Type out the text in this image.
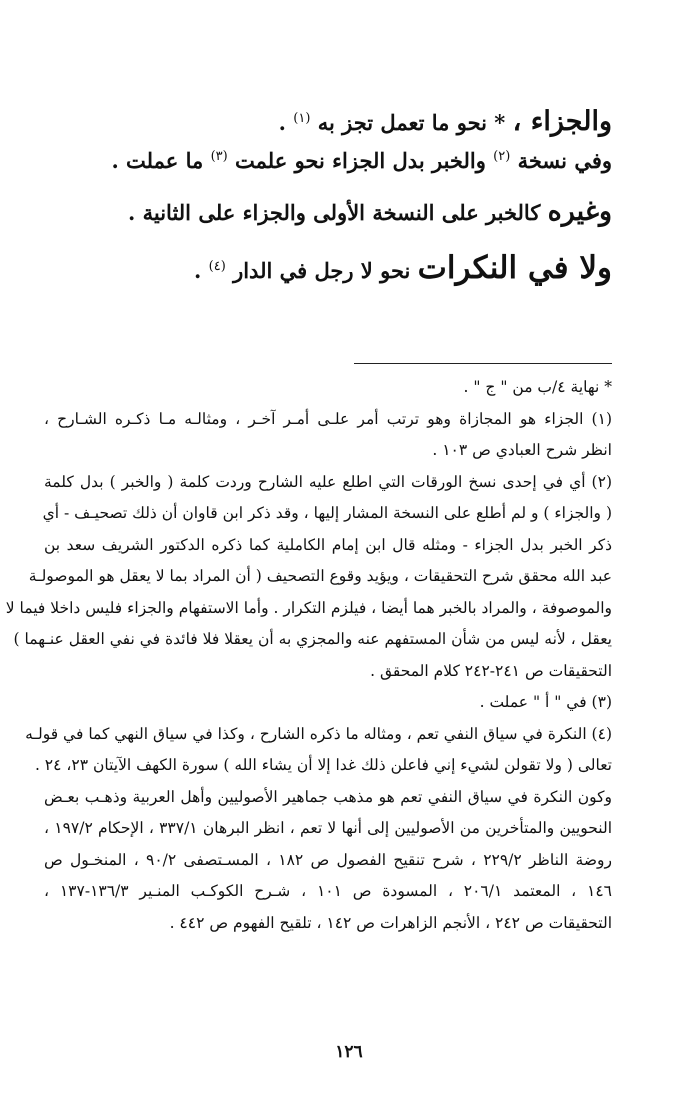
والجزاء ، * نحو ما تعمل تجز به $^{(١)}$ .
وفي نسخة $^{(٢)}$ والخبر بدل الجزاء نحو علمت $^{(٣)}$ ما عملت .
وغيره كالخبر على النسخة الأولى والجزاء على الثانية .
ولا في النكرات نحو لا رجل في الدار $^{(٤)}$ .
* نهاية ٤/ب من " ج " .
(١) الجزاء هو المجازاة وهو ترتب أمر علـى أمـر آخـر ، ومثالـه مـا ذكـره الشـارح ،
انظر شرح العبادي ص ١٠٣ .
(٢) أي في إحدى نسخ الورقات التي اطلع عليه الشارح وردت كلمة ( والخبر ) بدل كلمة
( والجزاء ) و لم أطلع على النسخة المشار إليها ، وقد ذكر ابن قاوان أن ذلك تصحيـف - أي
ذكر الخبر بدل الجزاء - ومثله قال ابن إمام الكاملية كما ذكره الدكتور الشريف سعد بن
عبد الله محقق شرح التحقيقات ، ويؤيد وقوع التصحيف ( أن المراد بما لا يعقل هو الموصولـة
والموصوفة ، والمراد بالخبر هما أيضا ، فيلزم التكرار . وأما الاستفهام والجزاء فليس داخلا فيما لا
يعقل ، لأنه ليس من شأن المستفهم عنه والمجزي به أن يعقلا فلا فائدة في نفي العقل عنـهما )
التحقيقات ص ٢٤١-٢٤٢ كلام المحقق .
(٣) في " أ " عملت .
(٤) النكرة في سياق النفي تعم ، ومثاله ما ذكره الشارح ، وكذا في سياق النهي كما في قولـه
تعالى ( ولا تقولن لشيء إني فاعلن ذلك غدا إلا أن يشاء الله ) سورة الكهف الآيتان ٢٣، ٢٤ .
وكون النكرة في سياق النفي تعم هو مذهب جماهير الأصوليين وأهل العربية وذهـب بعـض
النحويين والمتأخرين من الأصوليين إلى أنها لا تعم ، انظر البرهان ٣٣٧/١ ، الإحكام ١٩٧/٢ ،
روضة الناظر ٢٢٩/٢ ، شرح تنقيح الفصول ص ١٨٢ ، المسـتصفى ٩٠/٢ ، المنخـول ص
١٤٦ ، المعتمد ٢٠٦/١ ، المسودة ص ١٠١ ، شـرح الكوكـب المنـير ١٣٦/٣-١٣٧ ،
التحقيقات ص ٢٤٢ ، الأنجم الزاهرات ص ١٤٢ ، تلقيح الفهوم ص ٤٤٢ .
١٢٦
